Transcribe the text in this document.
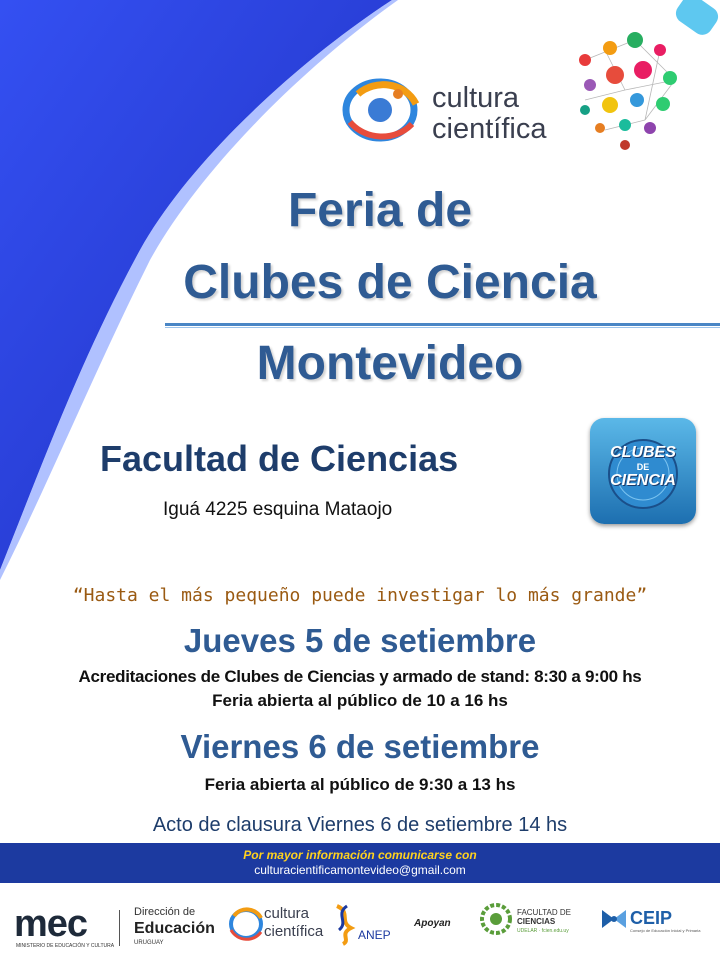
cultura
científica
Feria de
Clubes de Ciencia
Montevideo
Facultad de Ciencias
Iguá 4225 esquina Mataojo
CLUBES
DE
CIENCIA
“Hasta el más pequeño puede investigar lo más grande”
Jueves 5 de setiembre
Acreditaciones de Clubes de Ciencias y armado de stand: 8:30 a 9:00 hs
Feria abierta al público de 10 a 16 hs
Viernes 6 de setiembre
Feria abierta al público de 9:30 a 13 hs
Acto de clausura Viernes 6 de setiembre 14 hs
Por mayor información comunicarse con
culturacientificamontevideo@gmail.com
mec
MINISTERIO DE EDUCACIÓN Y CULTURA
Dirección de
Educación
URUGUAY
cultura
científica	ANEP
Apoyan
FACULTAD DE
CIENCIAS
UDELAR · fcien.edu.uy
CEIP
Consejo de Educación Inicial y Primaria
